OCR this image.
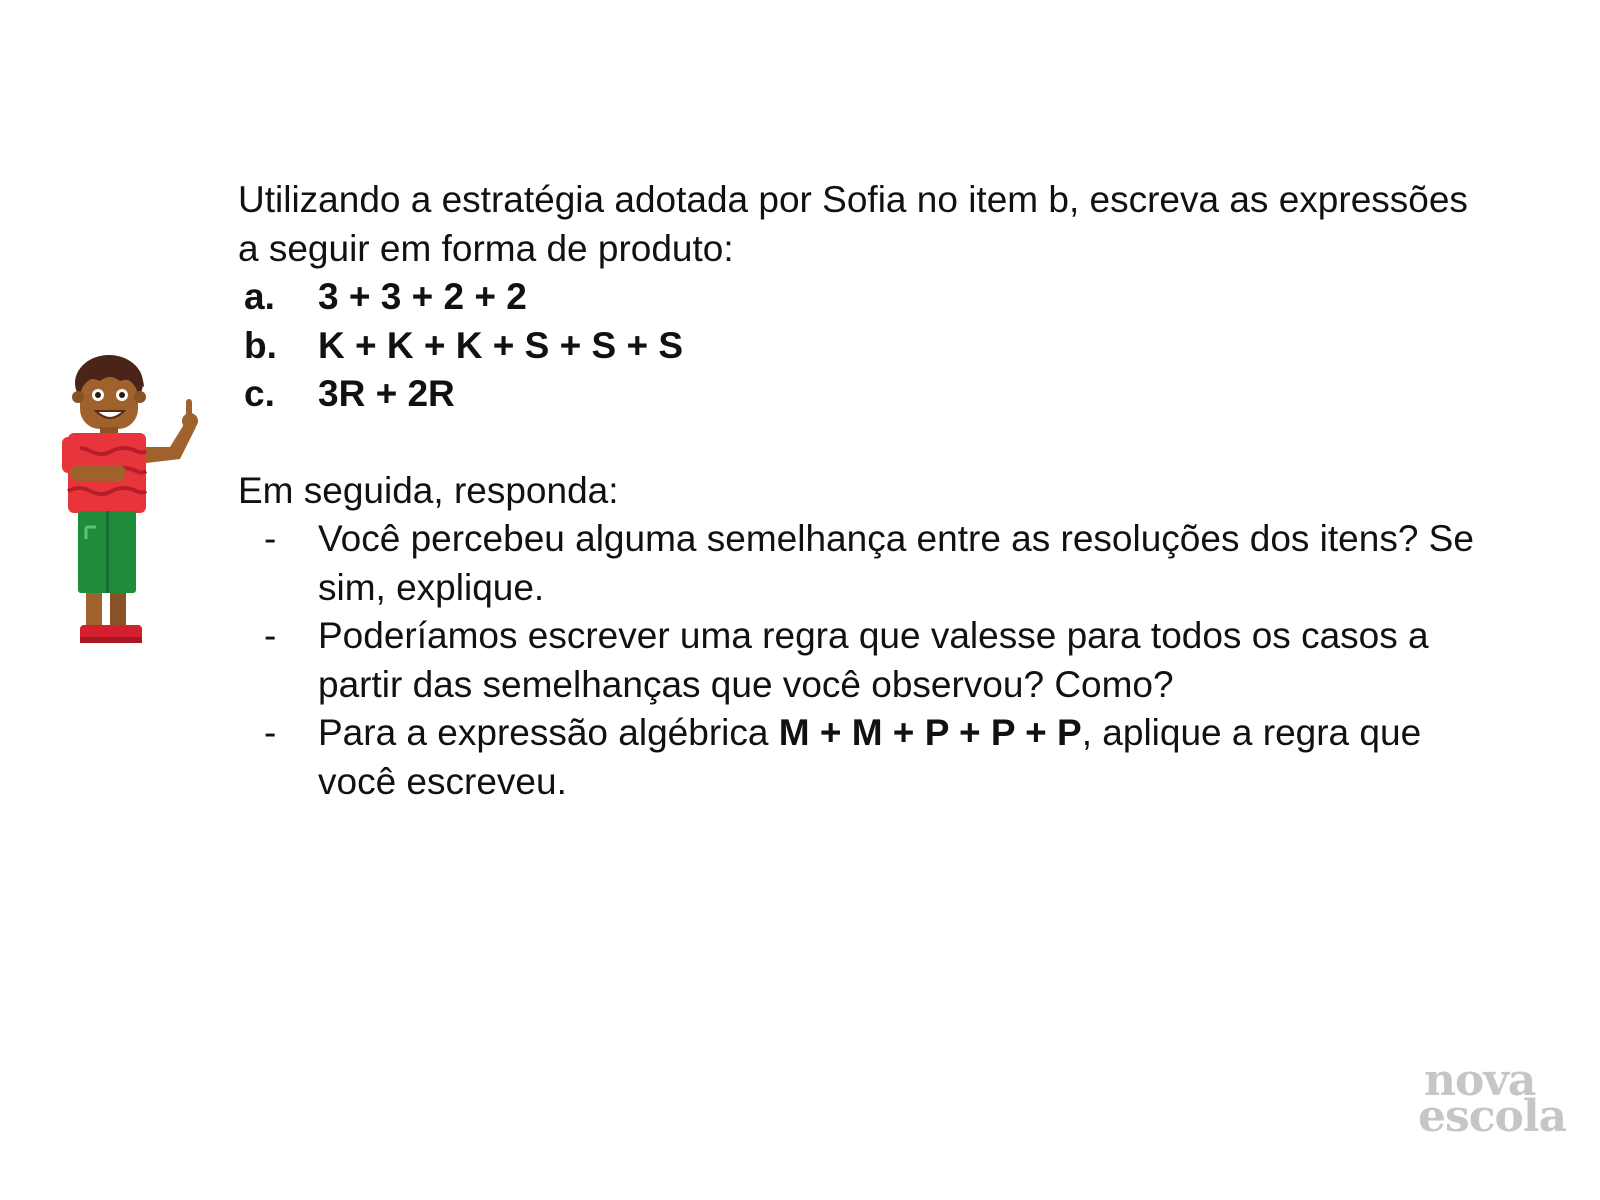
Utilizando a estratégia adotada por Sofia no item b, escreva as expressões a seguir em forma de produto:

a.	3 + 3 + 2 + 2
b.	K + K + K + S + S + S
c.	3R + 2R

Em seguida, responda:

-	Você percebeu alguma semelhança entre as resoluções dos itens? Se sim, explique.
-	Poderíamos escrever uma regra que valesse para todos os casos a partir das semelhanças que você observou? Como?
-	Para a expressão algébrica M + M + P + P + P, aplique a regra que você escreveu.
nova
escola
